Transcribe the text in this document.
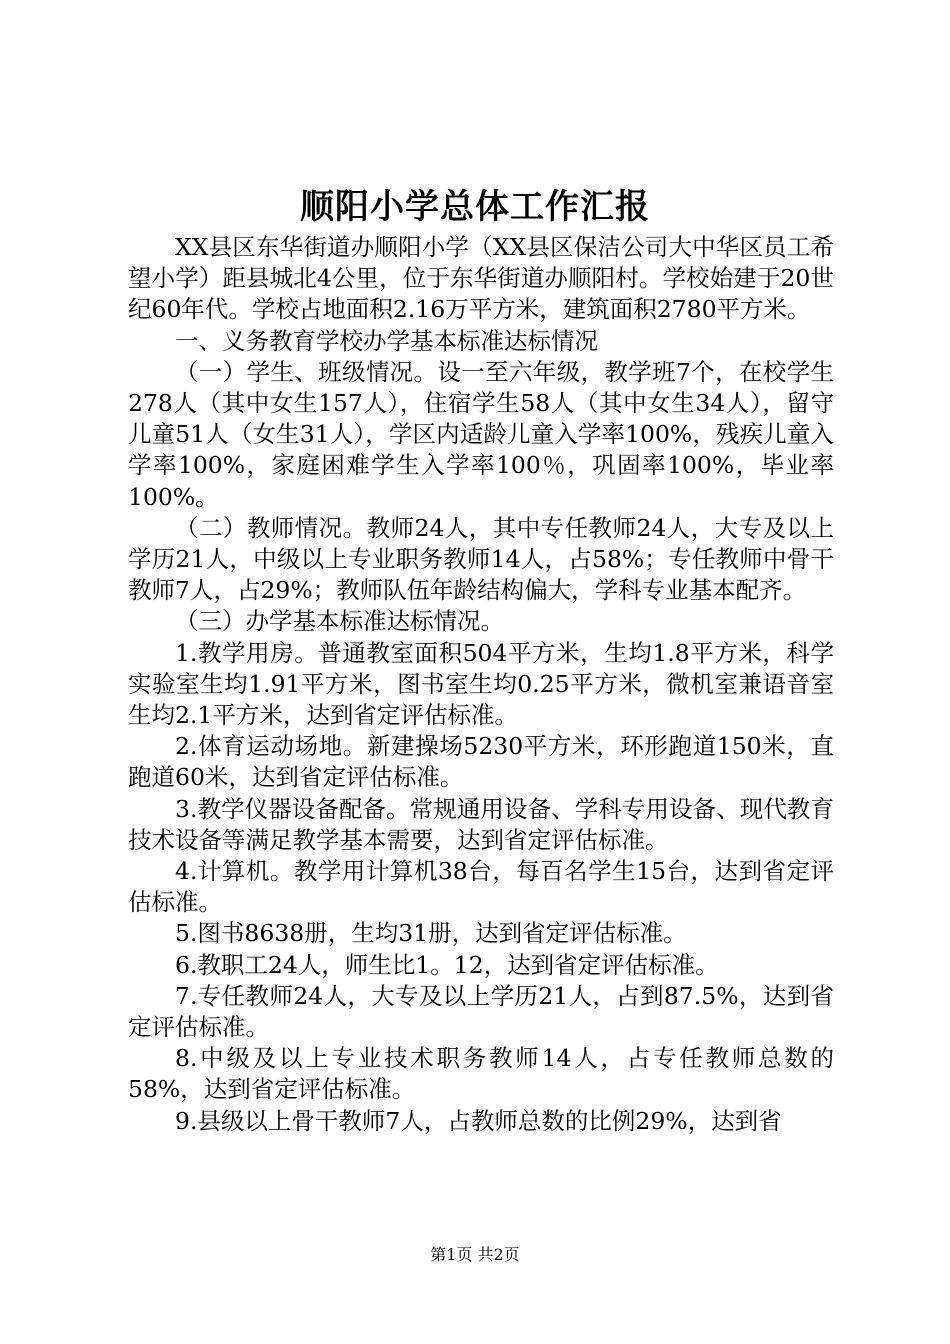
顺阳小学总体工作汇报

XX县区东华街道办顺阳小学（XX县区保洁公司大中华区员工希望小学）距县城北4公里，位于东华街道办顺阳村。学校始建于20世纪60年代。学校占地面积2.16万平方米，建筑面积2780平方米。

一、义务教育学校办学基本标准达标情况

（一）学生、班级情况。设一至六年级，教学班7个，在校学生278人（其中女生157人），住宿学生58人（其中女生34人），留守儿童51人（女生31人），学区内适龄儿童入学率100%，残疾儿童入学率100%，家庭困难学生入学率100％，巩固率100%，毕业率100%。

（二）教师情况。教师24人，其中专任教师24人，大专及以上学历21人，中级以上专业职务教师14人，占58%；专任教师中骨干教师7人，占29%；教师队伍年龄结构偏大，学科专业基本配齐。

（三）办学基本标准达标情况。

1.教学用房。普通教室面积504平方米，生均1.8平方米，科学实验室生均1.91平方米，图书室生均0.25平方米，微机室兼语音室生均2.1平方米，达到省定评估标准。

2.体育运动场地。新建操场5230平方米，环形跑道150米，直跑道60米，达到省定评估标准。

3.教学仪器设备配备。常规通用设备、学科专用设备、现代教育技术设备等满足教学基本需要，达到省定评估标准。

4.计算机。教学用计算机38台，每百名学生15台，达到省定评估标准。

5.图书8638册，生均31册，达到省定评估标准。

6.教职工24人，师生比1。12，达到省定评估标准。

7.专任教师24人，大专及以上学历21人，占到87.5%，达到省定评估标准。

8.中级及以上专业技术职务教师14人，占专任教师总数的58%，达到省定评估标准。

9.县级以上骨干教师7人，占教师总数的比例29%，达到省

第1页 共2页
